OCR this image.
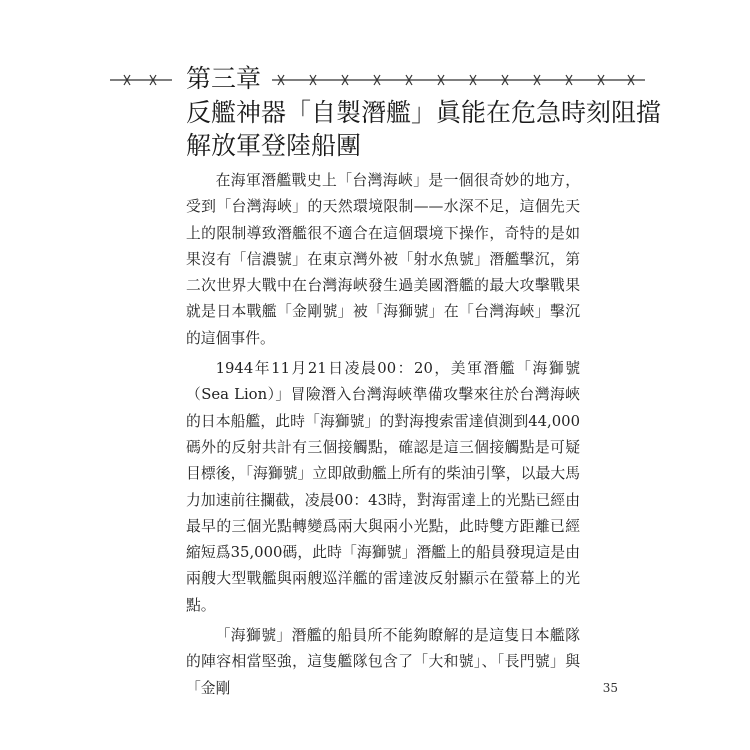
第三章
反艦神器「自製潛艦」眞能在危急時刻阻擋
解放軍登陸船團

在海軍潛艦戰史上「台灣海峽」是一個很奇妙的地方，受到「台灣海峽」的天然環境限制——水深不足，這個先天上的限制導致潛艦很不適合在這個環境下操作，奇特的是如果沒有「信濃號」在東京灣外被「射水魚號」潛艦擊沉，第二次世界大戰中在台灣海峽發生過美國潛艦的最大攻擊戰果就是日本戰艦「金剛號」被「海獅號」在「台灣海峽」擊沉的這個事件。

1944年11月21日凌晨00：20，美軍潛艦「海獅號（Sea Lion）」冒險潛入台灣海峽準備攻擊來往於台灣海峽的日本船艦，此時「海獅號」的對海搜索雷達偵測到44,000碼外的反射共計有三個接觸點，確認是這三個接觸點是可疑目標後，「海獅號」立即啟動艦上所有的柴油引擎，以最大馬力加速前往攔截，凌晨00：43時，對海雷達上的光點已經由最早的三個光點轉變爲兩大與兩小光點，此時雙方距離已經縮短爲35,000碼，此時「海獅號」潛艦上的船員發現這是由兩艘大型戰艦與兩艘巡洋艦的雷達波反射顯示在螢幕上的光點。

「海獅號」潛艦的船員所不能夠瞭解的是這隻日本艦隊的陣容相當堅強，這隻艦隊包含了「大和號」、「長門號」與「金剛	35
